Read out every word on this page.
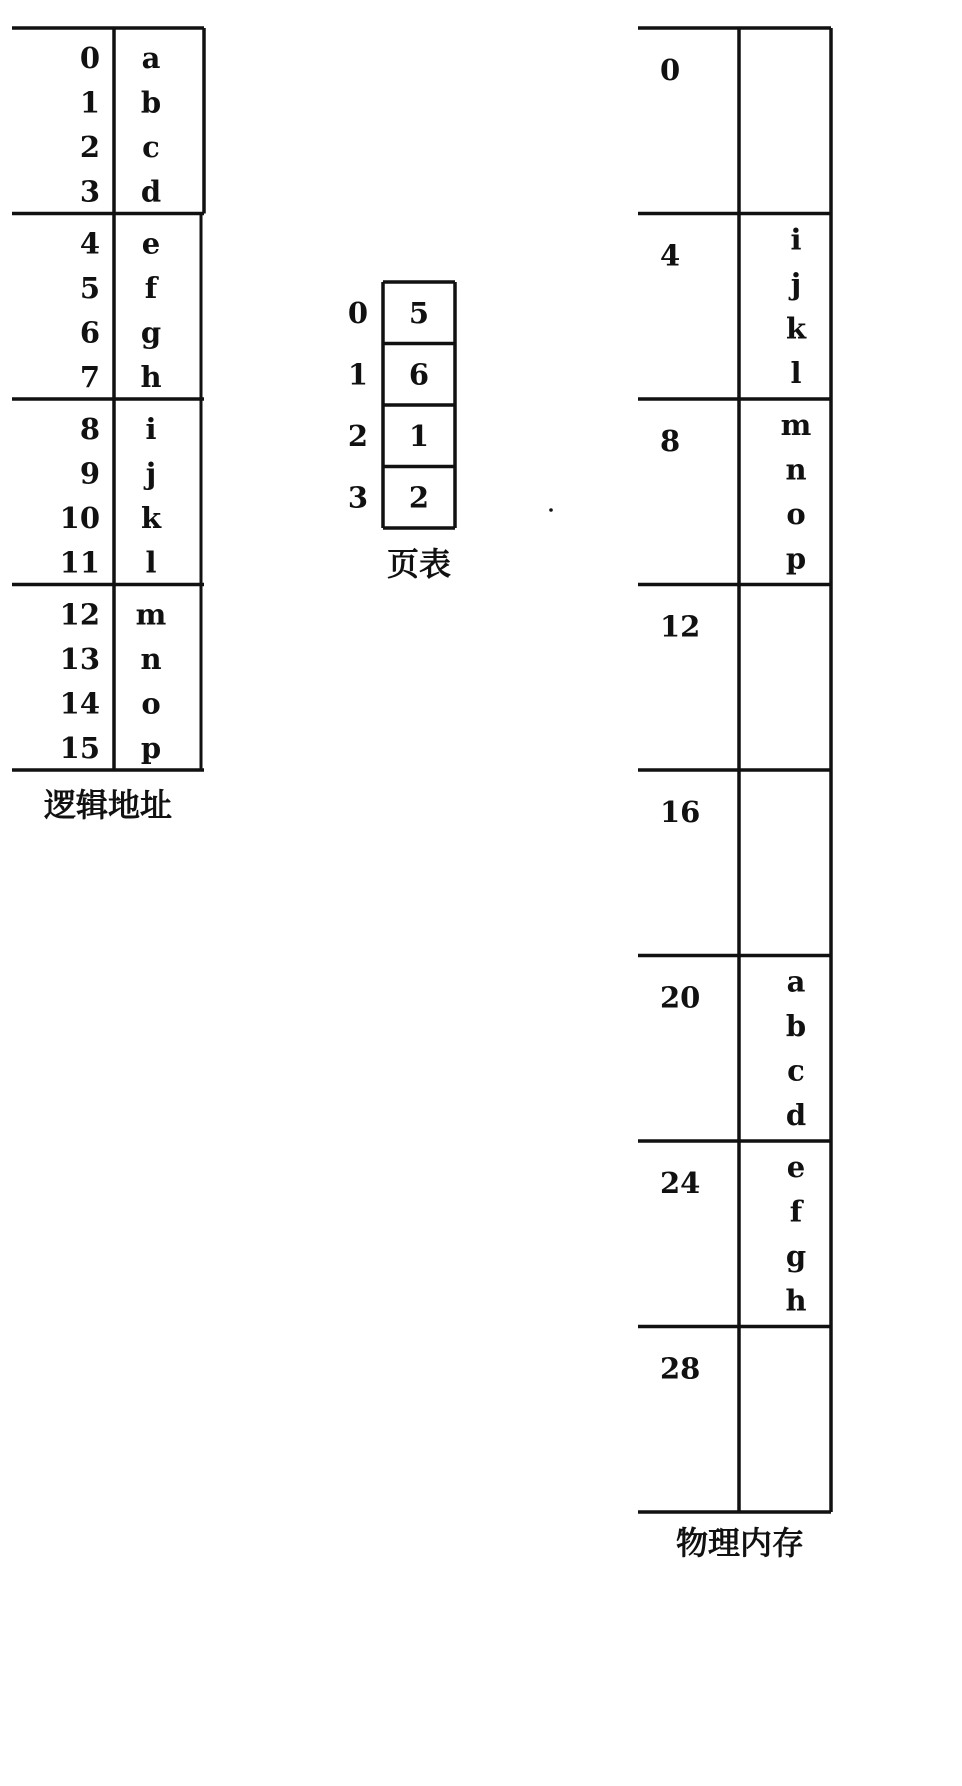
0 a
1 b
2 c
3 d
4 e
5 f
6 g
7 h
8 i
9 j
10 k
11 l
12 m
13 n
14 o
15 p
逻辑地址
0 5
1 6
2 1
3 2
页表
0
4	i
j
k
l
8	m
n
o
p
12
16
20	a
b
c
d
24	e
f
g
h
28
物理内存
